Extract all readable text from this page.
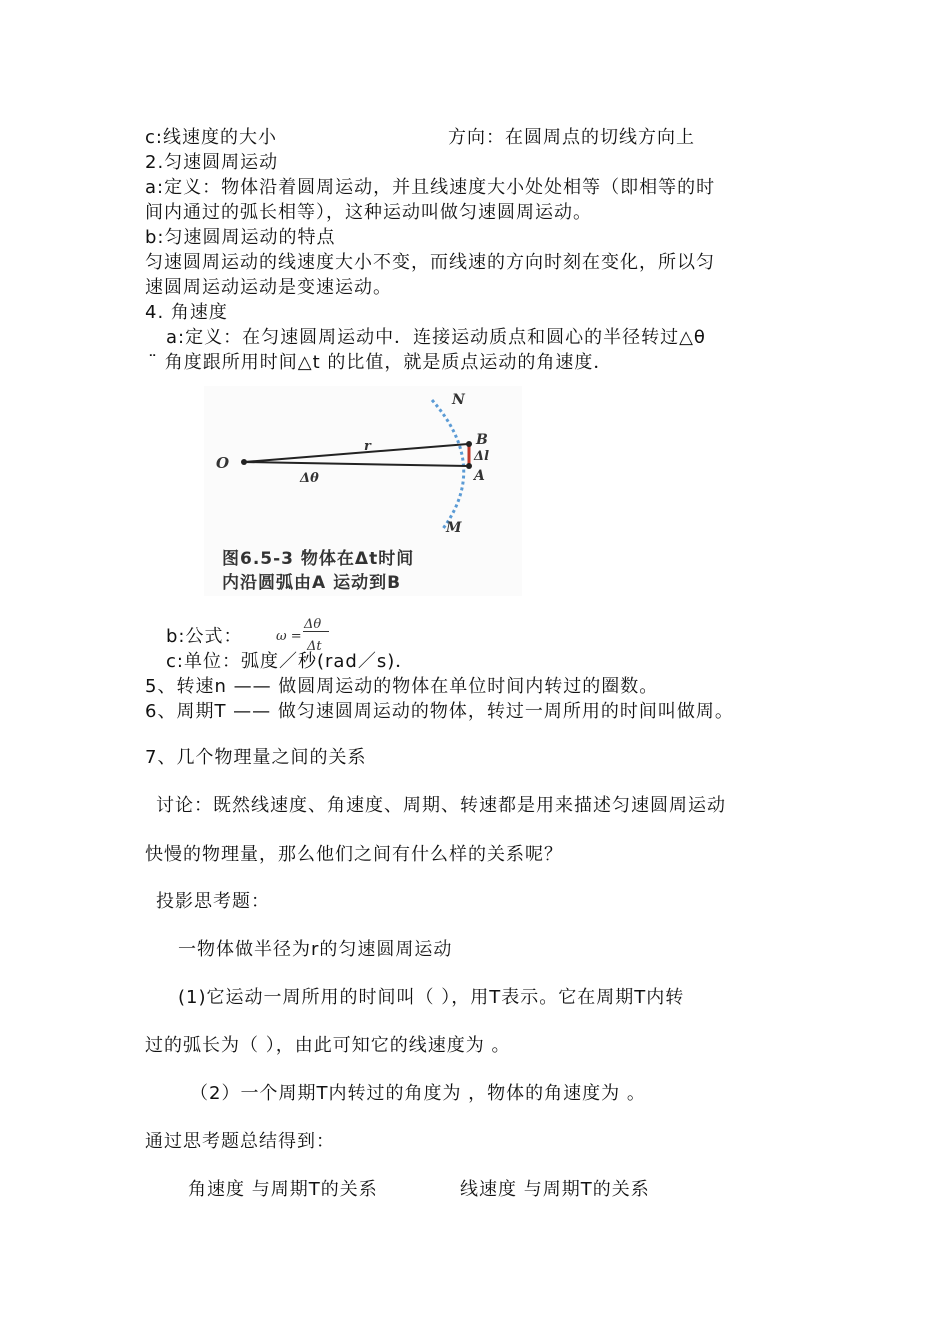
c:线速度的大小	方向：在圆周点的切线方向上
2.匀速圆周运动
a:定义：物体沿着圆周运动，并且线速度大小处处相等（即相等的时
间内通过的弧长相等），这种运动叫做匀速圆周运动。
b:匀速圆周运动的特点
匀速圆周运动的线速度大小不变，而线速的方向时刻在变化，所以匀
速圆周运动运动是变速运动。
4. 角速度
a:定义：在匀速圆周运动中．连接运动质点和圆心的半径转过△θ
¨ 角度跟所用时间△t 的比值，就是质点运动的角速度．
N
B
Δl
A
M
O
r
Δθ
图6.5-3 物体在Δt时间
内沿圆弧由A 运动到B
b:公式：	ω =
Δθ
Δt
c:单位：弧度／秒(rad／s)．
5、转速n —— 做圆周运动的物体在单位时间内转过的圈数。
6、周期T —— 做匀速圆周运动的物体，转过一周所用的时间叫做周。
7、几个物理量之间的关系
讨论：既然线速度、角速度、周期、转速都是用来描述匀速圆周运动
快慢的物理量，那么他们之间有什么样的关系呢？
投影思考题：
一物体做半径为r的匀速圆周运动
(1)它运动一周所用的时间叫（ ），用T表示。它在周期T内转
过的弧长为（ ），由此可知它的线速度为 。
（2）一个周期T内转过的角度为 ，物体的角速度为 。
通过思考题总结得到：
角速度 与周期T的关系	线速度 与周期T的关系
